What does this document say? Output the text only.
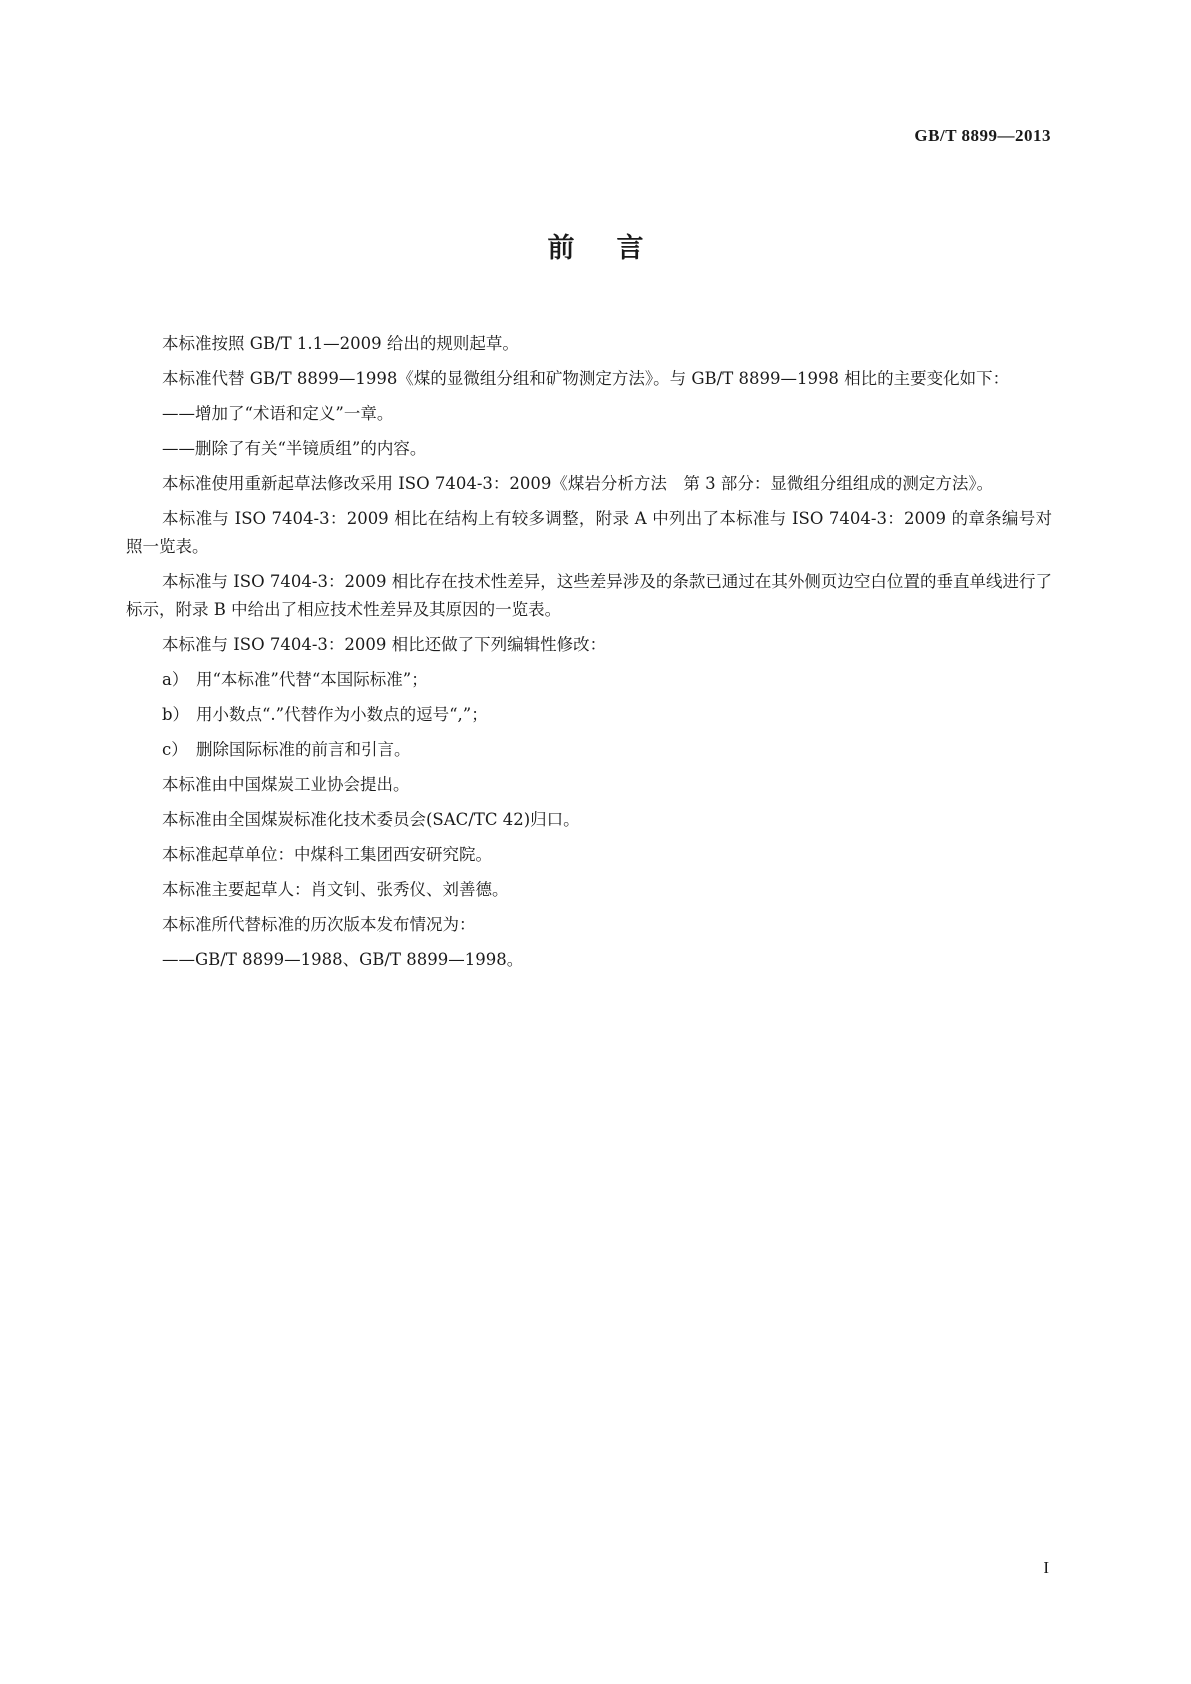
GB/T 8899—2013
前言

本标准按照 GB/T 1.1—2009 给出的规则起草。

本标准代替 GB/T 8899—1998《煤的显微组分组和矿物测定方法》。与 GB/T 8899—1998 相比的主要变化如下：

——增加了“术语和定义”一章。

——删除了有关“半镜质组”的内容。

本标准使用重新起草法修改采用 ISO 7404-3：2009《煤岩分析方法　第 3 部分：显微组分组组成的测定方法》。

本标准与 ISO 7404-3：2009 相比在结构上有较多调整，附录 A 中列出了本标准与 ISO 7404-3：2009 的章条编号对照一览表。

本标准与 ISO 7404-3：2009 相比存在技术性差异，这些差异涉及的条款已通过在其外侧页边空白位置的垂直单线进行了标示，附录 B 中给出了相应技术性差异及其原因的一览表。

本标准与 ISO 7404-3：2009 相比还做了下列编辑性修改：

a） 用“本标准”代替“本国际标准”；
b） 用小数点“.”代替作为小数点的逗号“,”；
c） 删除国际标准的前言和引言。

本标准由中国煤炭工业协会提出。

本标准由全国煤炭标准化技术委员会(SAC/TC 42)归口。

本标准起草单位：中煤科工集团西安研究院。

本标准主要起草人：肖文钊、张秀仪、刘善德。

本标准所代替标准的历次版本发布情况为：

——GB/T 8899—1988、GB/T 8899—1998。

I
